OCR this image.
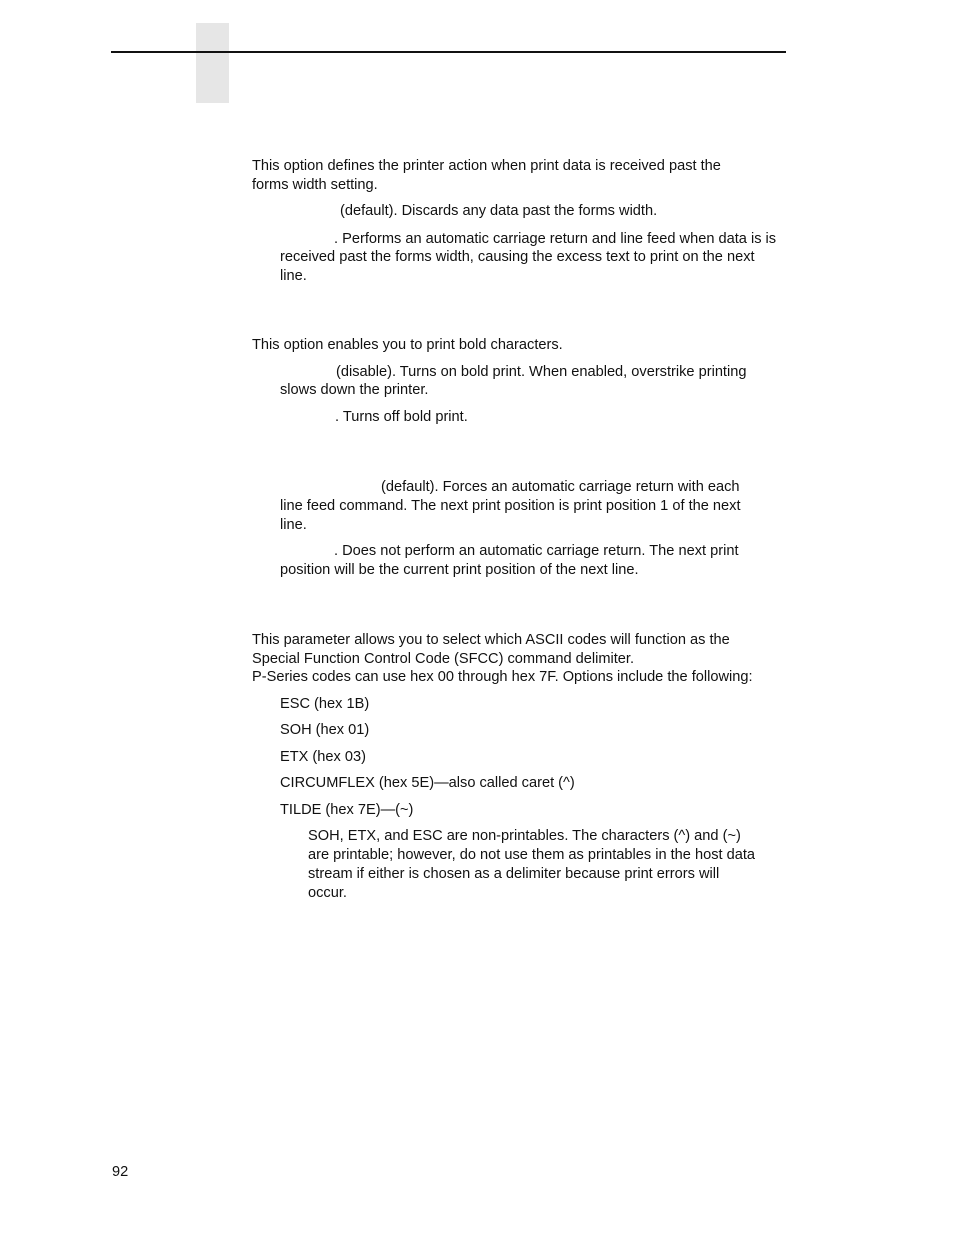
This option defines the printer action when print data is received past the

forms width setting.

(default). Discards any data past the forms width.

. Performs an automatic carriage return and line feed when data is is

received past the forms width, causing the excess text to print on the next

line.

This option enables you to print bold characters.

(disable). Turns on bold print. When enabled, overstrike printing

slows down the printer.

. Turns off bold print.

(default). Forces an automatic carriage return with each

line feed command. The next print position is print position 1 of the next

line.

. Does not perform an automatic carriage return. The next print

position will be the current print position of the next line.

This parameter allows you to select which ASCII codes will function as the

Special Function Control Code (SFCC) command delimiter.

P-Series codes can use hex 00 through hex 7F. Options include the following:

ESC (hex 1B)

SOH (hex 01)

ETX (hex 03)

CIRCUMFLEX (hex 5E)—also called caret (^)

TILDE (hex 7E)—(~)

SOH, ETX, and ESC are non-printables. The characters (^) and (~)

are printable; however, do not use them as printables in the host data

stream if either is chosen as a delimiter because print errors will

occur.

92
